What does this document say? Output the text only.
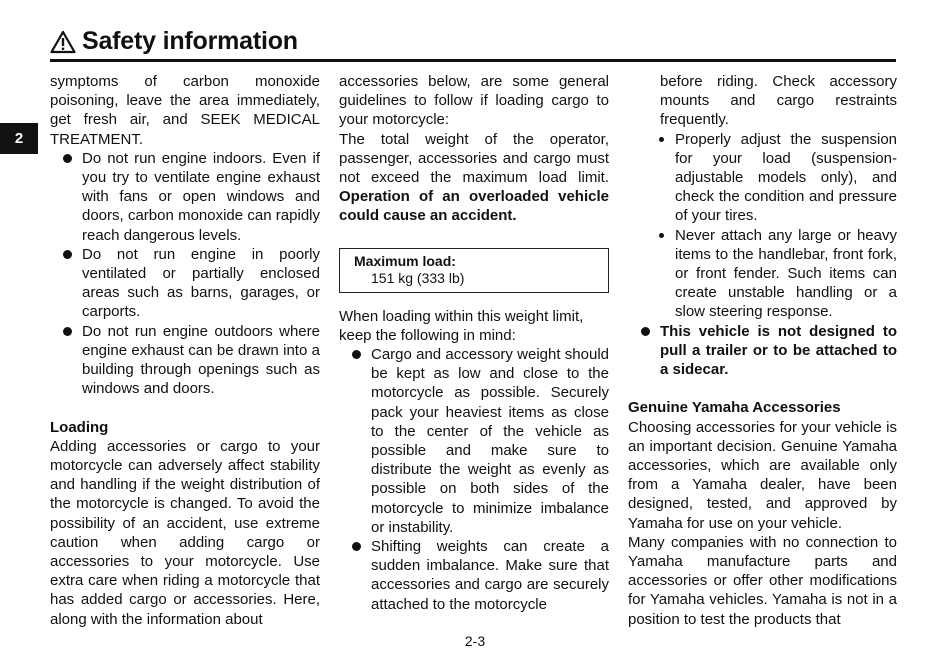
Safety information
2

symptoms of carbon monoxide poisoning, leave the area immediately, get fresh air, and SEEK MEDICAL TREATMENT.

Do not run engine indoors. Even if you try to ventilate engine exhaust with fans or open windows and doors, carbon monoxide can rapidly reach dangerous levels.
Do not run engine in poorly ventilated or partially enclosed areas such as barns, garages, or carports.
Do not run engine outdoors where engine exhaust can be drawn into a building through openings such as windows and doors.

Loading

Adding accessories or cargo to your motorcycle can adversely affect stability and handling if the weight distribution of the motorcycle is changed. To avoid the possibility of an accident, use extreme caution when adding cargo or accessories to your motorcycle. Use extra care when riding a motorcycle that has added cargo or accessories. Here, along with the information about

accessories below, are some general guidelines to follow if loading cargo to your motorcycle:

The total weight of the operator, passenger, accessories and cargo must not exceed the maximum load limit. Operation of an overloaded vehicle could cause an accident.

Maximum load:
151 kg (333 lb)

When loading within this weight limit, keep the following in mind:

Cargo and accessory weight should be kept as low and close to the motorcycle as possible. Securely pack your heaviest items as close to the center of the vehicle as possible and make sure to distribute the weight as evenly as possible on both sides of the motorcycle to minimize imbalance or instability.
Shifting weights can create a sudden imbalance. Make sure that accessories and cargo are securely attached to the motorcycle

before riding. Check accessory mounts and cargo restraints frequently.

Properly adjust the suspension for your load (suspension-adjustable models only), and check the condition and pressure of your tires.
Never attach any large or heavy items to the handlebar, front fork, or front fender. Such items can create unstable handling or a slow steering response.
This vehicle is not designed to pull a trailer or to be attached to a sidecar.

Genuine Yamaha Accessories

Choosing accessories for your vehicle is an important decision. Genuine Yamaha accessories, which are available only from a Yamaha dealer, have been designed, tested, and approved by Yamaha for use on your vehicle.

Many companies with no connection to Yamaha manufacture parts and accessories or offer other modifications for Yamaha vehicles. Yamaha is not in a position to test the products that

2-3
